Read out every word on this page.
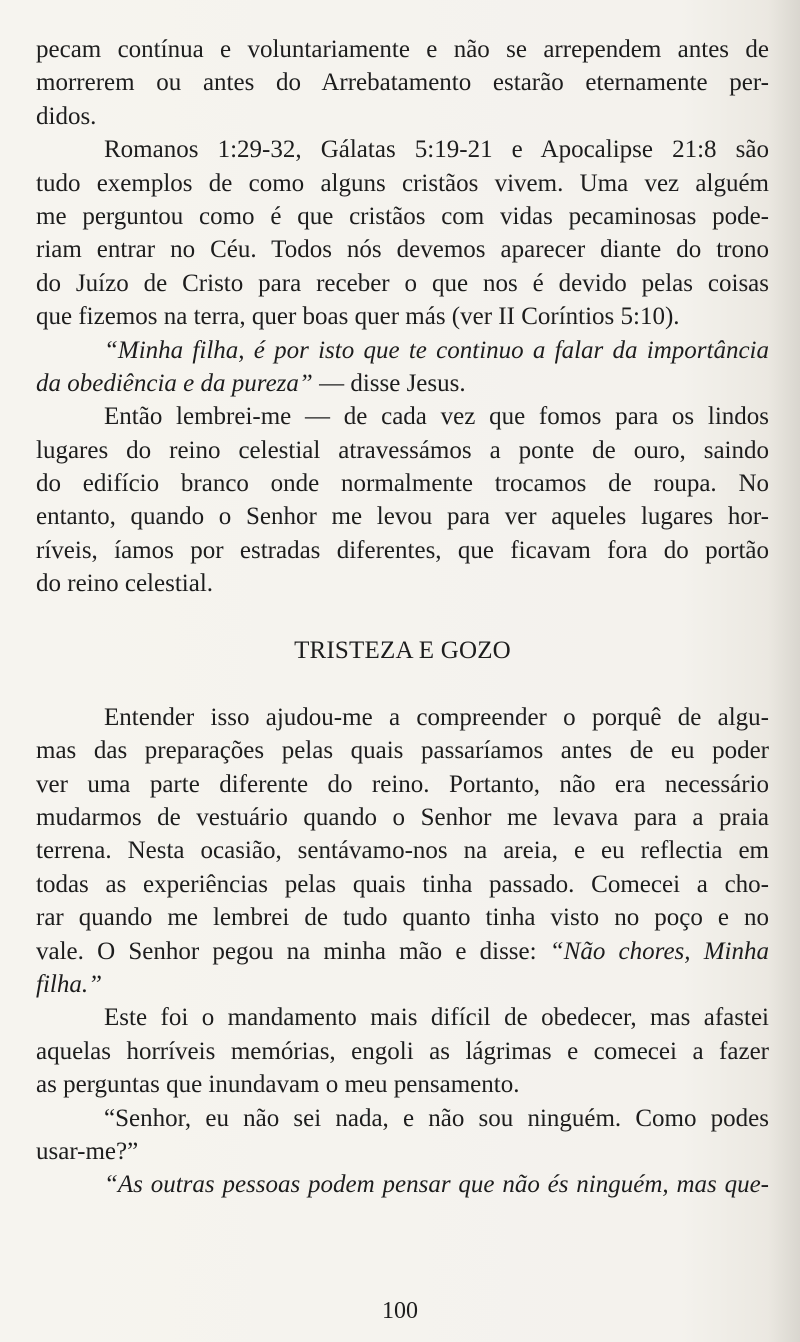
pecam contínua e voluntariamente e não se arrependem antes de
morrerem ou antes do Arrebatamento estarão eternamente per-
didos.
Romanos 1:29-32, Gálatas 5:19-21 e Apocalipse 21:8 são
tudo exemplos de como alguns cristãos vivem. Uma vez alguém
me perguntou como é que cristãos com vidas pecaminosas pode-
riam entrar no Céu. Todos nós devemos aparecer diante do trono
do Juízo de Cristo para receber o que nos é devido pelas coisas
que fizemos na terra, quer boas quer más (ver II Coríntios 5:10).
“Minha filha, é por isto que te continuo a falar da importância
da obediência e da pureza” — disse Jesus.
Então lembrei-me — de cada vez que fomos para os lindos
lugares do reino celestial atravessámos a ponte de ouro, saindo
do edifício branco onde normalmente trocamos de roupa. No
entanto, quando o Senhor me levou para ver aqueles lugares hor-
ríveis, íamos por estradas diferentes, que ficavam fora do portão
do reino celestial.
TRISTEZA E GOZO
Entender isso ajudou-me a compreender o porquê de algu-
mas das preparações pelas quais passaríamos antes de eu poder
ver uma parte diferente do reino. Portanto, não era necessário
mudarmos de vestuário quando o Senhor me levava para a praia
terrena. Nesta ocasião, sentávamo-nos na areia, e eu reflectia em
todas as experiências pelas quais tinha passado. Comecei a cho-
rar quando me lembrei de tudo quanto tinha visto no poço e no
vale. O Senhor pegou na minha mão e disse: “Não chores, Minha
filha.”
Este foi o mandamento mais difícil de obedecer, mas afastei
aquelas horríveis memórias, engoli as lágrimas e comecei a fazer
as perguntas que inundavam o meu pensamento.
“Senhor, eu não sei nada, e não sou ninguém. Como podes
usar-me?”
“As outras pessoas podem pensar que não és ninguém, mas que-
100
